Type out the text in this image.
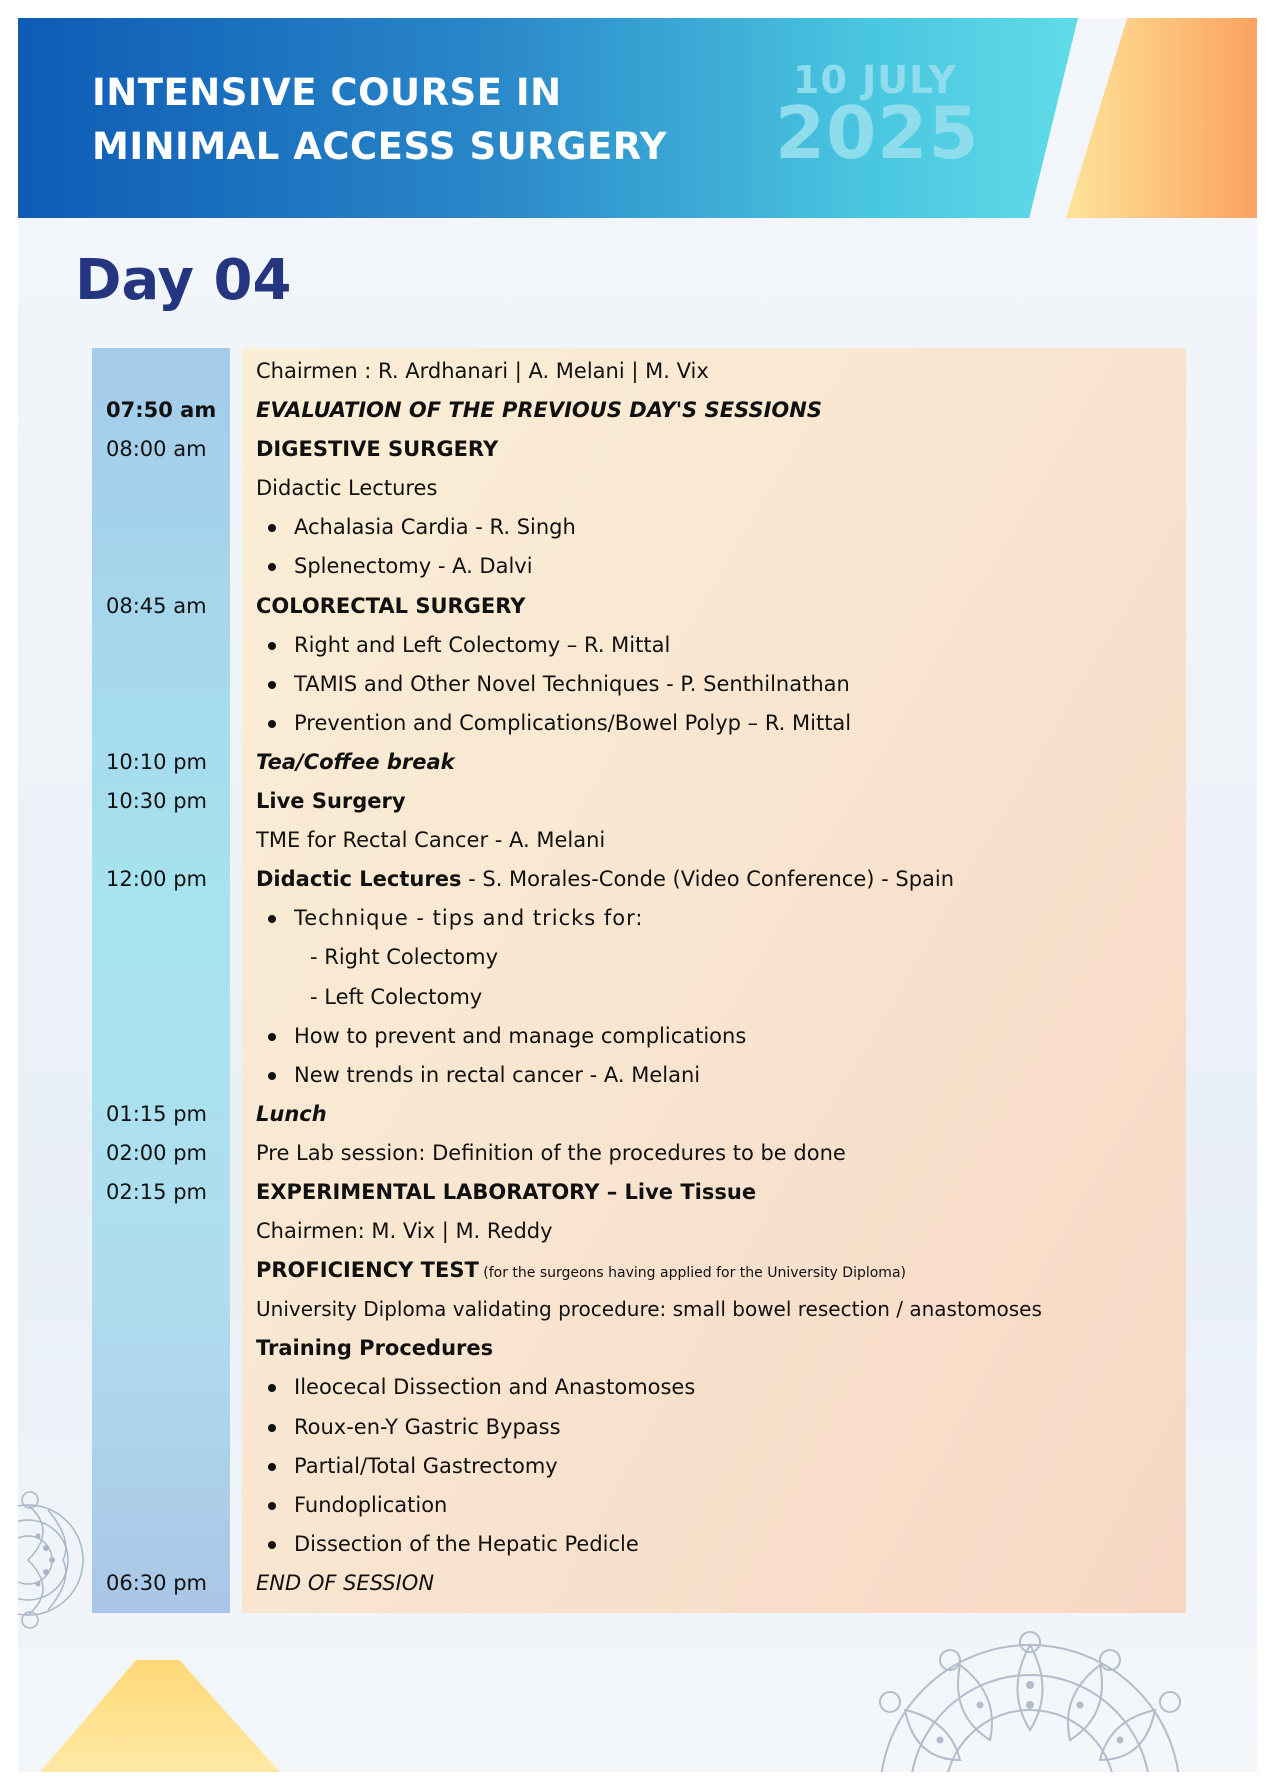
INTENSIVE COURSE IN
MINIMAL ACCESS SURGERY
10 JULY
2025
Day 04
Chairmen : R. Ardhanari | A. Melani | M. Vix
07:50 am EVALUATION OF THE PREVIOUS DAY'S SESSIONS
08:00 am DIGESTIVE SURGERY
Didactic Lectures
Achalasia Cardia - R. Singh
Splenectomy - A. Dalvi
08:45 am COLORECTAL SURGERY
Right and Left Colectomy – R. Mittal
TAMIS and Other Novel Techniques - P. Senthilnathan
Prevention and Complications/Bowel Polyp – R. Mittal
10:10 pm Tea/Coffee break
10:30 pm Live Surgery
TME for Rectal Cancer - A. Melani
12:00 pm Didactic Lectures - S. Morales-Conde (Video Conference) - Spain
Technique - tips and tricks for:
- Right Colectomy
- Left Colectomy
How to prevent and manage complications
New trends in rectal cancer - A. Melani
01:15 pm Lunch
02:00 pm Pre Lab session: Definition of the procedures to be done
02:15 pm EXPERIMENTAL LABORATORY – Live Tissue
Chairmen: M. Vix | M. Reddy
PROFICIENCY TEST (for the surgeons having applied for the University Diploma)
University Diploma validating procedure: small bowel resection / anastomoses
Training Procedures
Ileocecal Dissection and Anastomoses
Roux-en-Y Gastric Bypass
Partial/Total Gastrectomy
Fundoplication
Dissection of the Hepatic Pedicle
06:30 pm END OF SESSION
